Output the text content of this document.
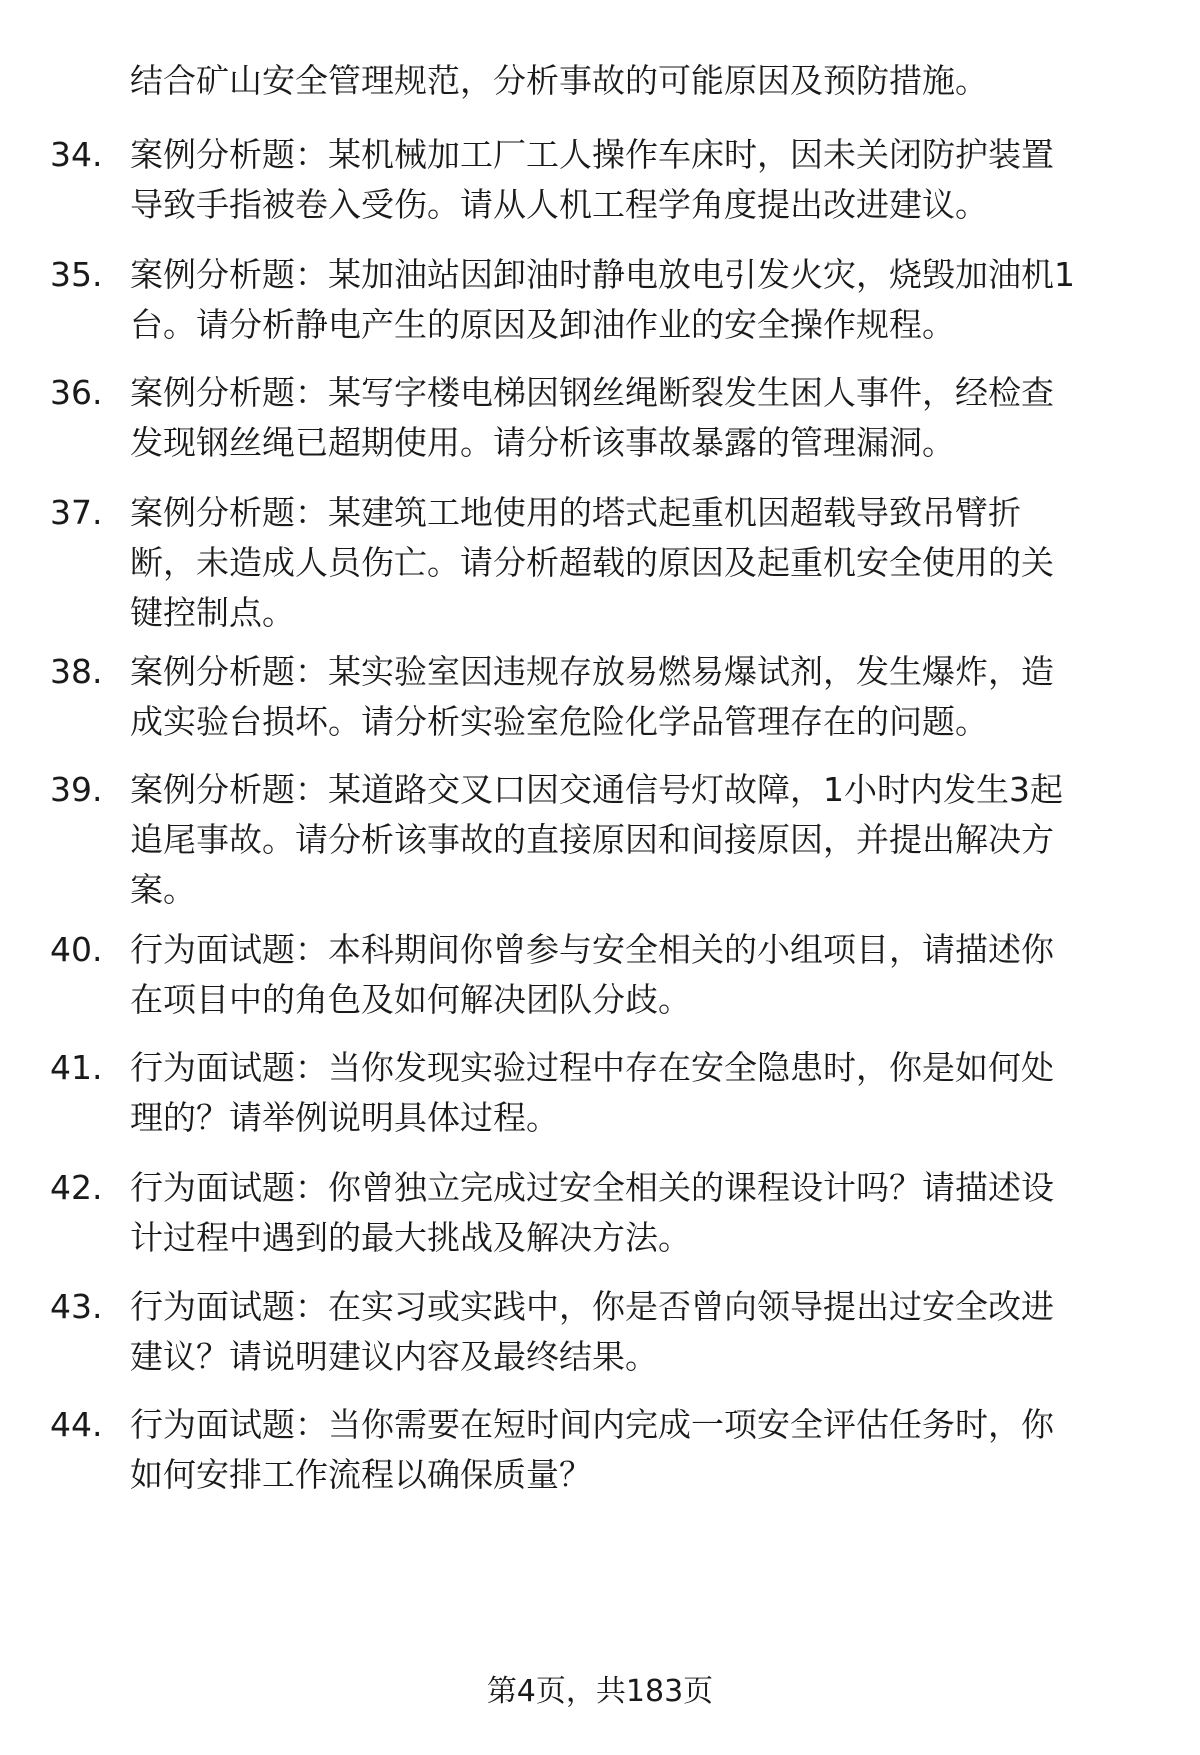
结合矿山安全管理规范，分析事故的可能原因及预防措施。
34. 案例分析题：某机械加工厂工人操作车床时，因未关闭防护装置
导致手指被卷入受伤。请从人机工程学角度提出改进建议。
35. 案例分析题：某加油站因卸油时静电放电引发火灾，烧毁加油机1
台。请分析静电产生的原因及卸油作业的安全操作规程。
36. 案例分析题：某写字楼电梯因钢丝绳断裂发生困人事件，经检查
发现钢丝绳已超期使用。请分析该事故暴露的管理漏洞。
37. 案例分析题：某建筑工地使用的塔式起重机因超载导致吊臂折
断，未造成人员伤亡。请分析超载的原因及起重机安全使用的关
键控制点。
38. 案例分析题：某实验室因违规存放易燃易爆试剂，发生爆炸，造
成实验台损坏。请分析实验室危险化学品管理存在的问题。
39. 案例分析题：某道路交叉口因交通信号灯故障，1小时内发生3起
追尾事故。请分析该事故的直接原因和间接原因，并提出解决方
案。
40. 行为面试题：本科期间你曾参与安全相关的小组项目，请描述你
在项目中的角色及如何解决团队分歧。
41. 行为面试题：当你发现实验过程中存在安全隐患时，你是如何处
理的？请举例说明具体过程。
42. 行为面试题：你曾独立完成过安全相关的课程设计吗？请描述设
计过程中遇到的最大挑战及解决方法。
43. 行为面试题：在实习或实践中，你是否曾向领导提出过安全改进
建议？请说明建议内容及最终结果。
44. 行为面试题：当你需要在短时间内完成一项安全评估任务时，你
如何安排工作流程以确保质量？
第4页，共183页
